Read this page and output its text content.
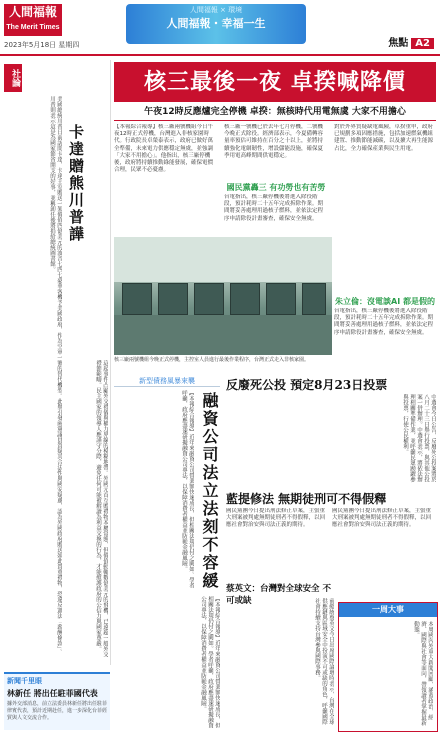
人間福報
The Merit Times
2023年5月18日 星期四
人間福報 × 環境
人間福報・幸福一生
焦點 A2
社論
美國總統川普日前訪問卡達，卡達王室贈送一架價值四億美元的波音七四七豪華客機予美國政府，作為空軍一號的替代機型。此舉引發兩黨議員質疑其合法性與國安疑慮，認為外國政府贈送如此貴重禮物，恐違反憲法「薪酬條款」。川普則表示這是為國家節省開支的好事，並稱卸任後將捐給總統圖書館。 卡達贈熊川普譁
這起事件凸顯外交禮儀與權力界線的模糊地帶。外國元首互贈禮物本屬常態，但價值動輒數億美元的飛機，已遠超一般外交禮節範疇。民主國家的領導人應謹守分際，避免任何可能被解讀為利益交換的行為，才能維護政府的公信力與國家尊嚴。
新聞千里眼
林新任 將出任駐菲國代表
據外交部消息，前立法委員林新任將出任駐菲律賓代表，預計近期赴任，進一步深化台菲經貿與人文交流合作。
核三最後一夜 卓揆喊降價
午夜12時反應爐完全停機 卓揆：無核時代用電無虞 大家不用擔心
【本報綜合報導】核三廠兩號機組今日午夜12時正式停機，台灣進入非核家園時代。行政院長卓榮泰表示，政府已做好萬全準備，未來電力供應穩定無虞，並強調「大家不用擔心」。他指出，核三廠停機後，政府將持續推動綠能發展，確保電價合理，民眾不必憂慮。
核三廠一號機已於去年七月停機，二號機今晚正式除役。經濟部表示，今夏備轉容量率預估可維持在百分之十以上，並將持續強化電網韌性，增設儲能設施，確保夏季用電高峰期間供電穩定。
國民黨轟三 有功勞也有苦勞
台電指出，核三廠停機後將進入除役階段，預計耗時二十五年完成拆除作業。期間將妥善處理用過核子燃料，並依法定程序申請除役計畫審查，確保安全無虞。
對於外界質疑缺電風險，卓揆重申，政府已規劃多項因應措施，包括加速燃氣機組建置、推動節能減碳，以及擴大再生能源占比，全力確保產業與民生用電。
朱立倫：沒電談AI 都是假的
台電指出，核三廠停機後將進入除役階段，預計耗時二十五年完成拆除作業。期間將妥善處理用過核子燃料，並依法定程序申請除役計畫審查，確保安全無虞。
核三廠兩號機組今晚正式停機，主控室人員進行最後作業程序，台灣正式走入非核家園。
新型債務風暴來襲
融資公司法立法刻不容緩
【本報綜合報導】近年來融資公司營業額快速成長，但相關法規仍付之闕如。學者呼籲，政府應盡速研擬融資公司專法，以保障消費者權益並防範金融風險。
【本報綜合報導】近年來融資公司營業額快速成長，但相關法規仍付之闕如。學者呼籲，政府應盡速研擬融資公司專法，以保障消費者權益並防範金融風險。
反廢死公投 預定8月23日投票
中選會今日公告，反廢死公投案將於八月二十三日舉行投票，與其他公投案一併辦理。中選會表示，將依法辦理相關準備作業，並呼籲民眾踴躍參與投票，行使公民權利。
藍提修法 無期徒刑可不得假釋
國民黨團今日提出刑法修正草案，主張重大刑案被判處無期徒刑者不得假釋，以回應社會對治安與司法正義的期待。
國民黨團今日提出刑法修正草案，主張重大刑案被判處無期徒刑者不得假釋，以回應社會對治安與司法正義的期待。
蔡英文：台灣對全球安全 不可或缺	前總統蔡英文今日出席國際論壇時表示，台灣在全球供應鏈與區域安全中扮演不可或缺的角色，呼籲國際社會持續支持台灣參與國際事務。	一周大事
本周國內外重大新聞回顧，涵蓋政治、經濟、國際與社會等面向，帶領讀者掌握最新動態。
